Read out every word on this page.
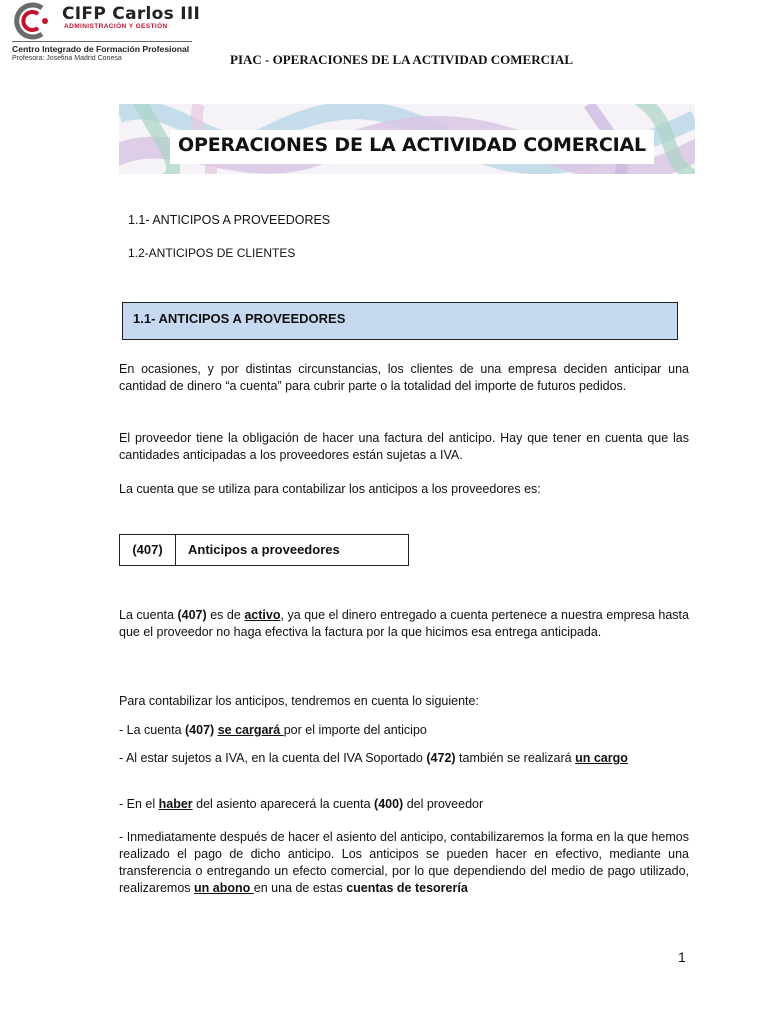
CIFP Carlos III
ADMINISTRACIÓN Y GESTIÓN
Centro Integrado de Formación Profesional
Profesora: Josefina Madrid Conesa	PIAC - OPERACIONES DE LA ACTIVIDAD COMERCIAL
OPERACIONES DE LA ACTIVIDAD COMERCIAL
1.1- ANTICIPOS A PROVEEDORES
1.2-ANTICIPOS DE CLIENTES
1.1- ANTICIPOS A PROVEEDORES
En ocasiones, y por distintas circunstancias, los clientes de una empresa deciden anticipar una cantidad de dinero “a cuenta” para cubrir parte o la totalidad del importe de futuros pedidos.
El proveedor tiene la obligación de hacer una factura del anticipo. Hay que tener en cuenta que las cantidades anticipadas a los proveedores están sujetas a IVA.
La cuenta que se utiliza para contabilizar los anticipos a los proveedores es:
(407)	Anticipos a proveedores
La cuenta (407) es de activo, ya que el dinero entregado a cuenta pertenece a nuestra empresa hasta que el proveedor no haga efectiva la factura por la que hicimos esa entrega anticipada.
Para contabilizar los anticipos, tendremos en cuenta lo siguiente:
- La cuenta (407) se cargará por el importe del anticipo
- Al estar sujetos a IVA, en la cuenta del IVA Soportado (472) también se realizará un cargo
- En el haber del asiento aparecerá la cuenta (400) del proveedor
- Inmediatamente después de hacer el asiento del anticipo, contabilizaremos la forma en la que hemos realizado el pago de dicho anticipo. Los anticipos se pueden hacer en efectivo, mediante una transferencia o entregando un efecto comercial, por lo que dependiendo del medio de pago utilizado, realizaremos un abono en una de estas cuentas de tesorería
1
